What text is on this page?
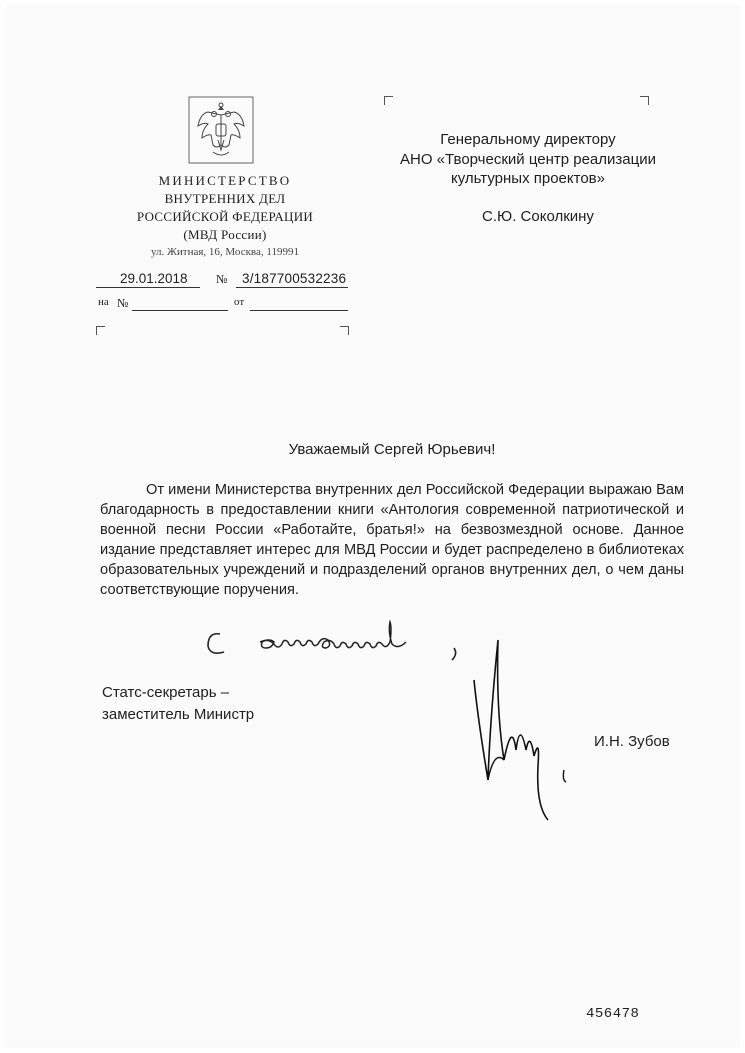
МИНИСТЕРСТВО
ВНУТРЕННИХ ДЕЛ
РОССИЙСКОЙ ФЕДЕРАЦИИ
(МВД России)
ул. Житная, 16, Москва, 119991
29.01.2018 № 3/187700532236
на №	от
Генеральному директору
АНО «Творческий центр реализации
культурных проектов»
С.Ю. Соколкину
Уважаемый Сергей Юрьевич!
От имени Министерства внутренних дел Российской Федерации выражаю Вам благодарность в предоставлении книги «Антология современной патриотической и военной песни России «Работайте, братья!» на безвозмездной основе. Данное издание представляет интерес для МВД России и будет распределено в библиотеках образовательных учреждений и подразделений органов внутренних дел, о чем даны соответствующие поручения.
Статс-секретарь –
заместитель Министр
И.Н. Зубов
456478
